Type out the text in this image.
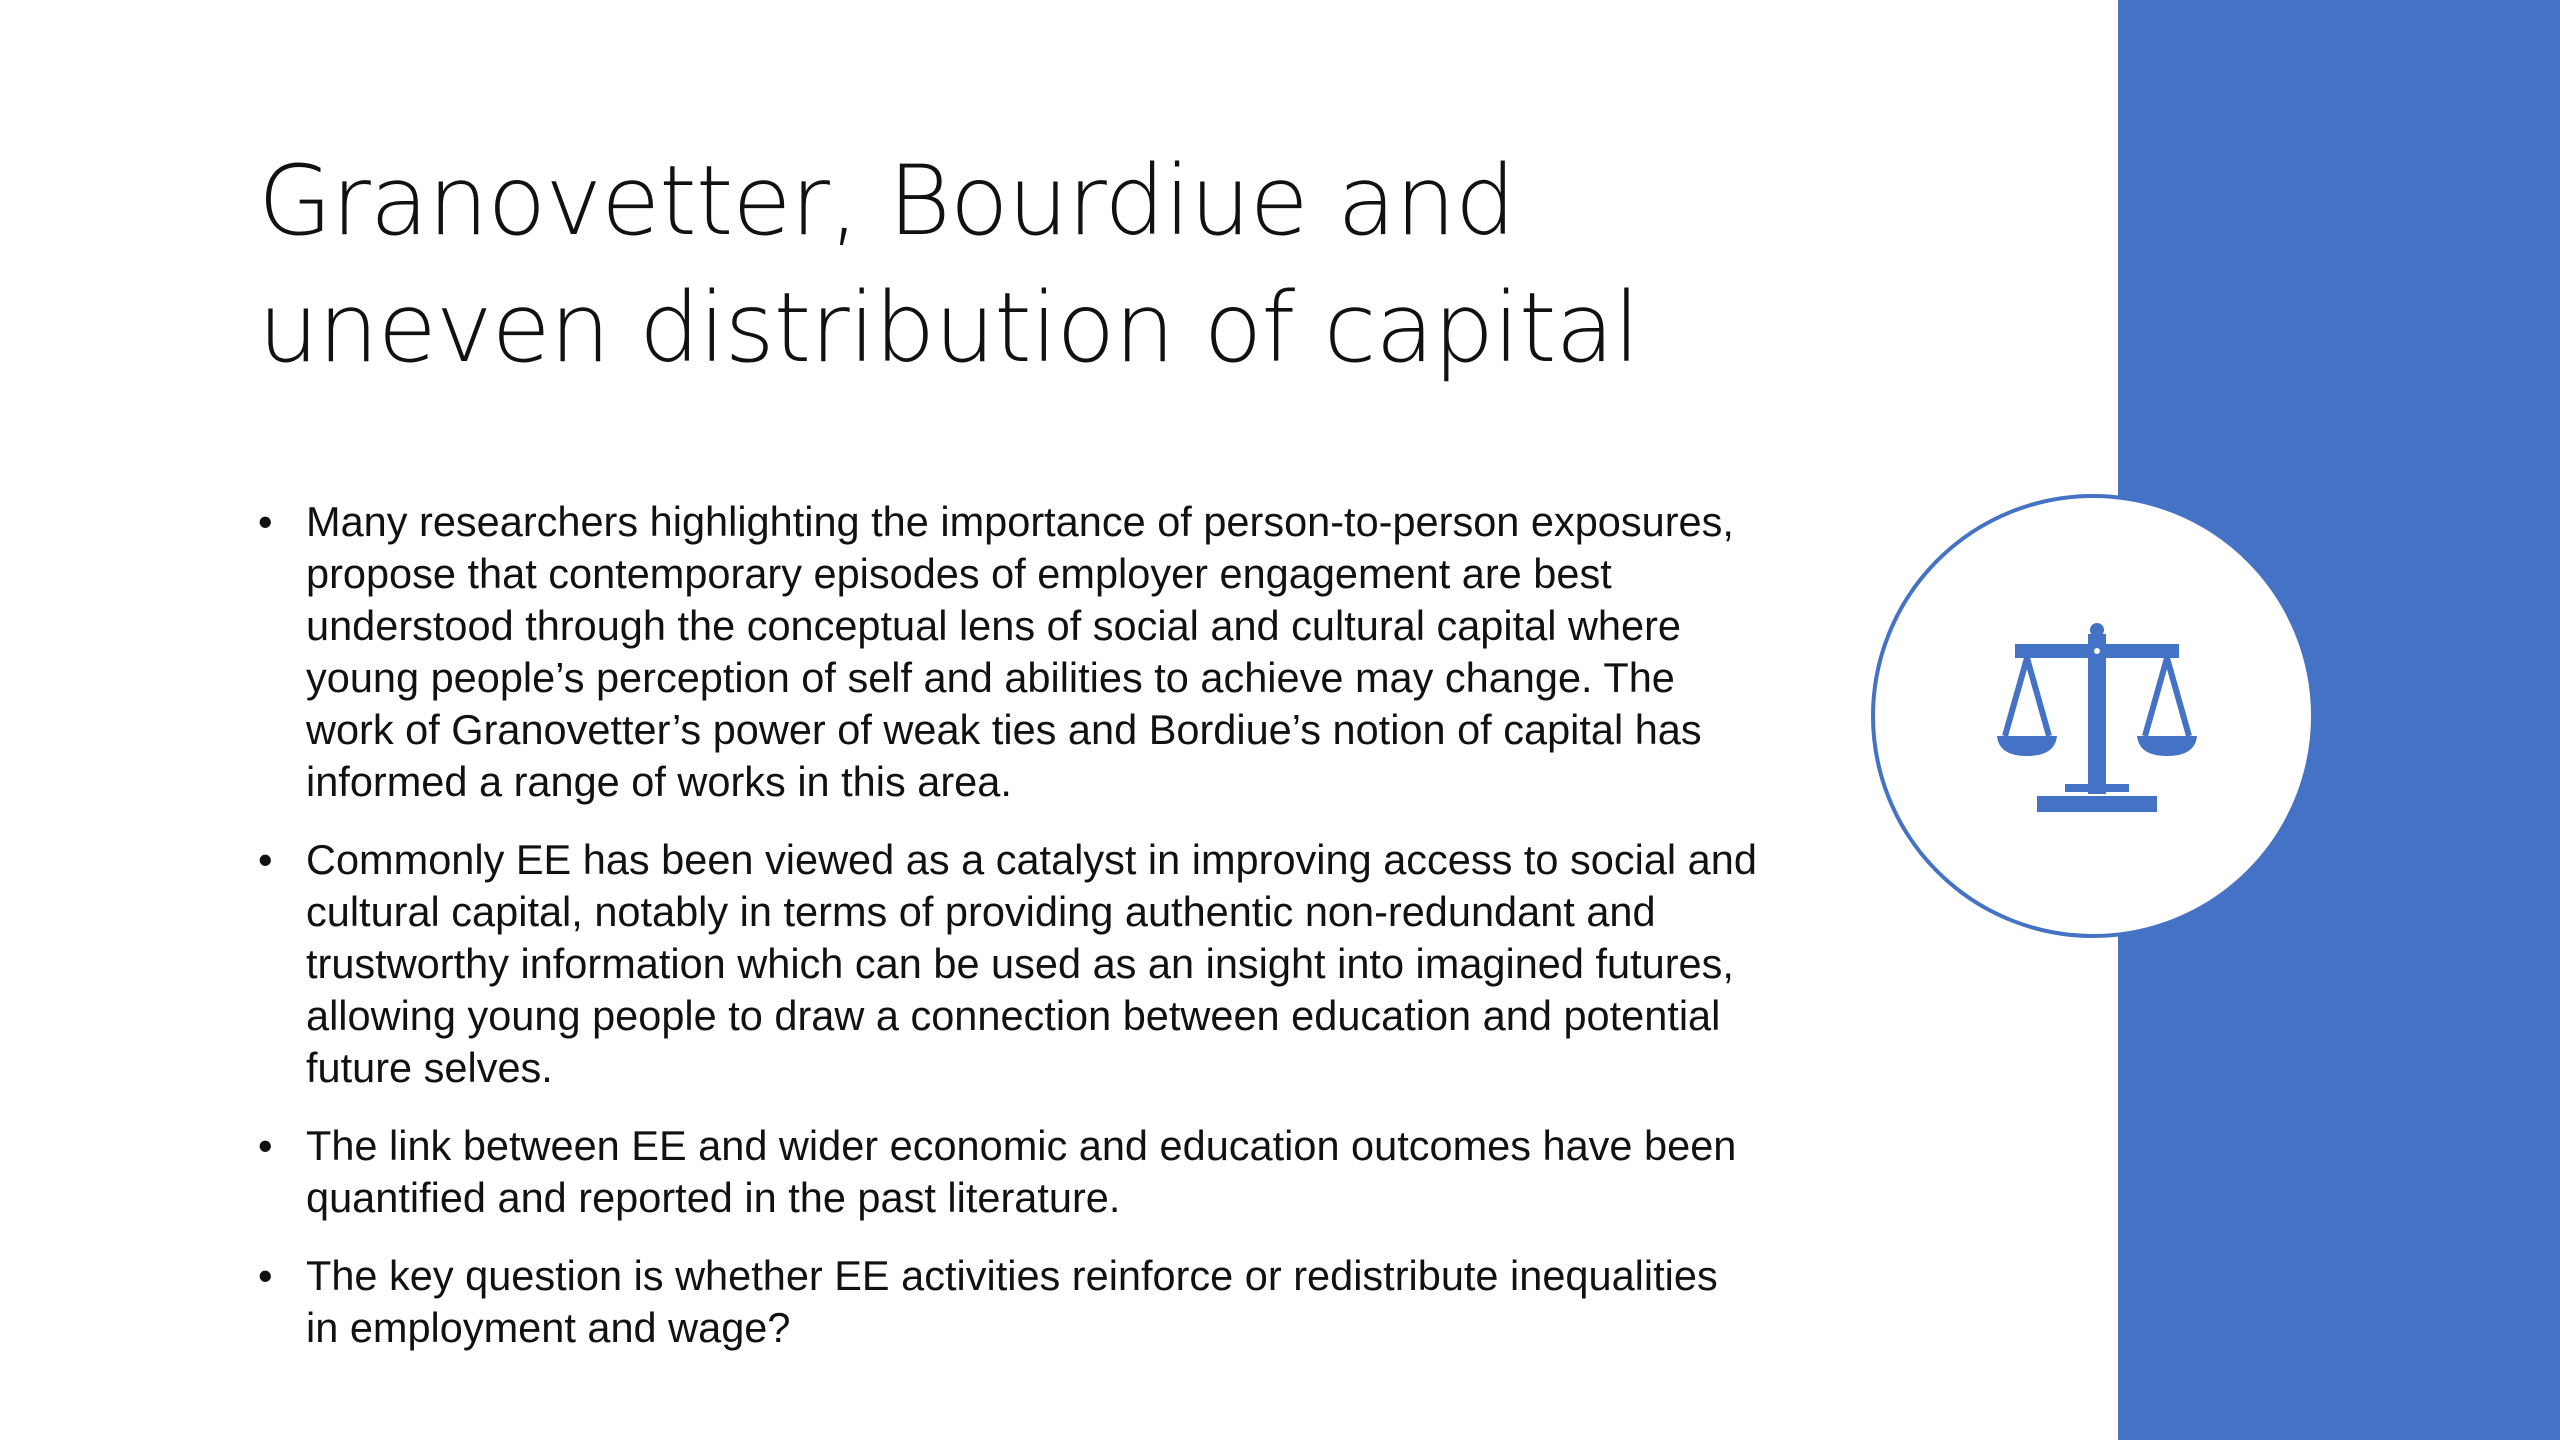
Granovetter, Bourdiue and
uneven distribution of capital
• Many researchers highlighting the importance of person-to-person exposures,
propose that contemporary episodes of employer engagement are best
understood through the conceptual lens of social and cultural capital where
young people’s perception of self and abilities to achieve may change. The
work of Granovetter’s power of weak ties and Bordiue’s notion of capital has
informed a range of works in this area.
• Commonly EE has been viewed as a catalyst in improving access to social and
cultural capital, notably in terms of providing authentic non-redundant and
trustworthy information which can be used as an insight into imagined futures,
allowing young people to draw a connection between education and potential
future selves.
• The link between EE and wider economic and education outcomes have been
quantified and reported in the past literature.
• The key question is whether EE activities reinforce or redistribute inequalities
in employment and wage?
